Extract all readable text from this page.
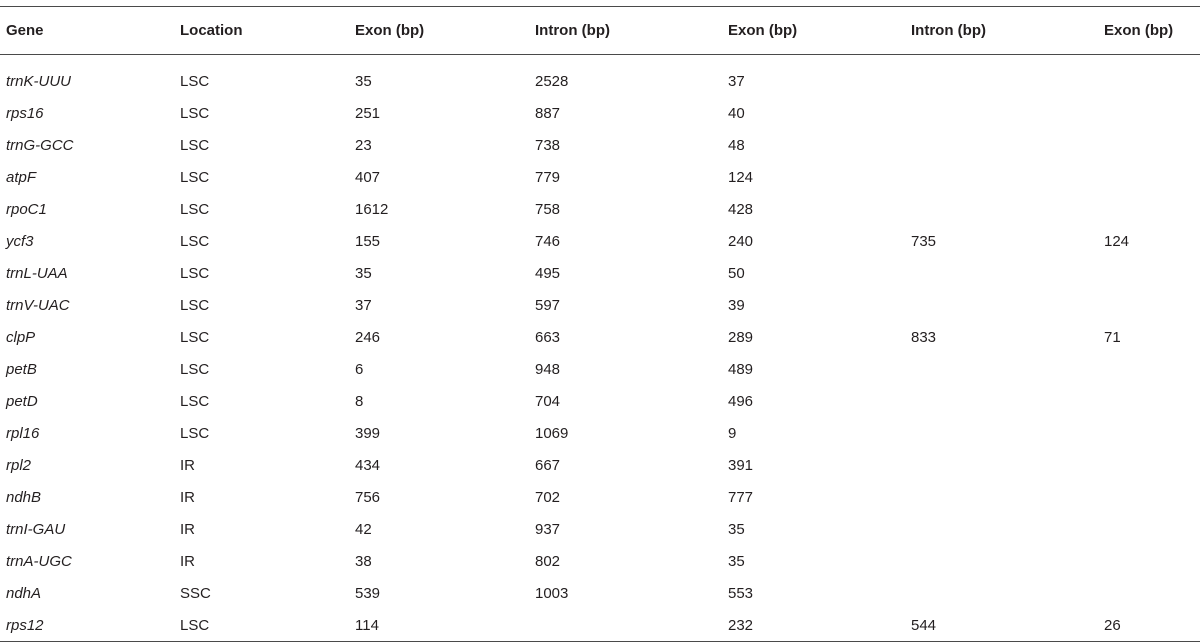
Gene	Location	Exon (bp)	Intron (bp)	Exon (bp)	Intron (bp)	Exon (bp)
trnK-UUU	LSC	35	2528	37		
rps16	LSC	251	887	40		
trnG-GCC	LSC	23	738	48		
atpF	LSC	407	779	124		
rpoC1	LSC	1612	758	428		
ycf3	LSC	155	746	240	735	124
trnL-UAA	LSC	35	495	50		
trnV-UAC	LSC	37	597	39		
clpP	LSC	246	663	289	833	71
petB	LSC	6	948	489		
petD	LSC	8	704	496		
rpl16	LSC	399	1069	9		
rpl2	IR	434	667	391		
ndhB	IR	756	702	777		
trnI-GAU	IR	42	937	35		
trnA-UGC	IR	38	802	35		
ndhA	SSC	539	1003	553		
rps12	LSC	114		232	544	26
